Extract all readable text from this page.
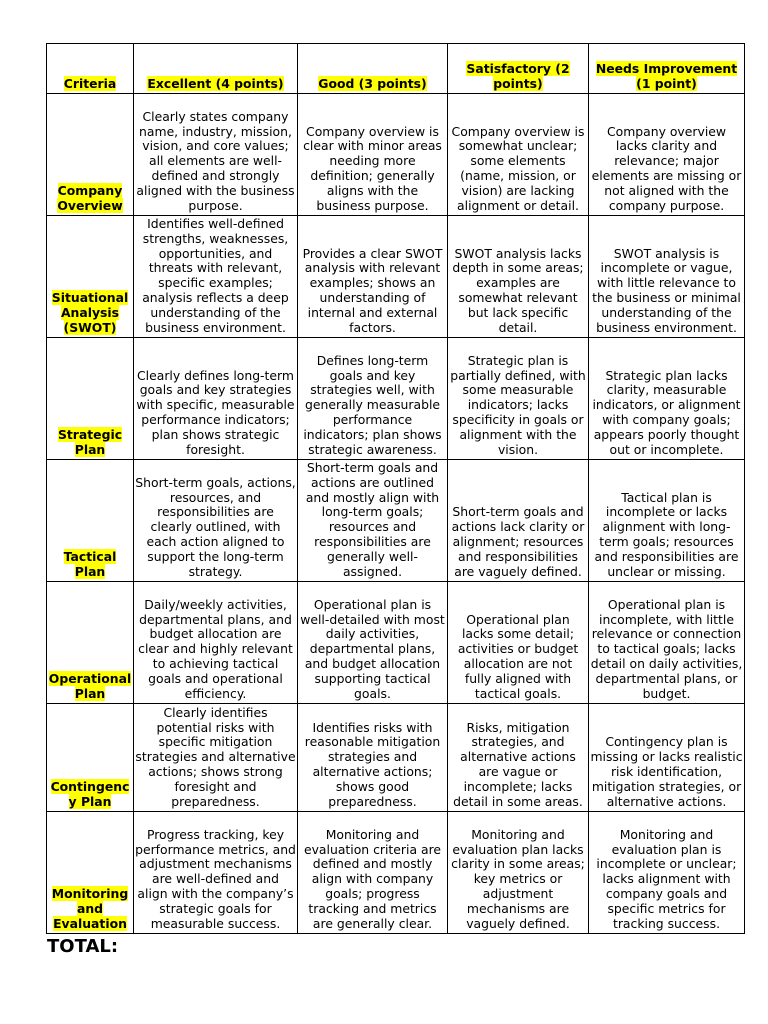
Criteria	Excellent (4 points)	Good (3 points)	Satisfactory (2 points)	Needs Improvement (1 point)
Company Overview	Clearly states company name, industry, mission, vision, and core values; all elements are well-defined and strongly aligned with the business purpose.	Company overview is clear with minor areas needing more definition; generally aligns with the business purpose.	Company overview is somewhat unclear; some elements (name, mission, or vision) are lacking alignment or detail.	Company overview lacks clarity and relevance; major elements are missing or not aligned with the company purpose.
Situational Analysis (SWOT)	Identifies well-defined strengths, weaknesses, opportunities, and threats with relevant, specific examples; analysis reflects a deep understanding of the business environment.	Provides a clear SWOT analysis with relevant examples; shows an understanding of internal and external factors.	SWOT analysis lacks depth in some areas; examples are somewhat relevant but lack specific detail.	SWOT analysis is incomplete or vague, with little relevance to the business or minimal understanding of the business environment.
Strategic Plan	Clearly defines long-term goals and key strategies with specific, measurable performance indicators; plan shows strategic foresight.	Defines long-term goals and key strategies well, with generally measurable performance indicators; plan shows strategic awareness.	Strategic plan is partially defined, with some measurable indicators; lacks specificity in goals or alignment with the vision.	Strategic plan lacks clarity, measurable indicators, or alignment with company goals; appears poorly thought out or incomplete.
Tactical Plan	Short-term goals, actions, resources, and responsibilities are clearly outlined, with each action aligned to support the long-term strategy.	Short-term goals and actions are outlined and mostly align with long-term goals; resources and responsibilities are generally well-assigned.	Short-term goals and actions lack clarity or alignment; resources and responsibilities are vaguely defined.	Tactical plan is incomplete or lacks alignment with long-term goals; resources and responsibilities are unclear or missing.
Operational Plan	Daily/weekly activities, departmental plans, and budget allocation are clear and highly relevant to achieving tactical goals and operational efficiency.	Operational plan is well-detailed with most daily activities, departmental plans, and budget allocation supporting tactical goals.	Operational plan lacks some detail; activities or budget allocation are not fully aligned with tactical goals.	Operational plan is incomplete, with little relevance or connection to tactical goals; lacks detail on daily activities, departmental plans, or budget.
Contingency Plan	Clearly identifies potential risks with specific mitigation strategies and alternative actions; shows strong foresight and preparedness.	Identifies risks with reasonable mitigation strategies and alternative actions; shows good preparedness.	Risks, mitigation strategies, and alternative actions are vague or incomplete; lacks detail in some areas.	Contingency plan is missing or lacks realistic risk identification, mitigation strategies, or alternative actions.
Monitoring and Evaluation	Progress tracking, key performance metrics, and adjustment mechanisms are well-defined and align with the company’s strategic goals for measurable success.	Monitoring and evaluation criteria are defined and mostly align with company goals; progress tracking and metrics are generally clear.	Monitoring and evaluation plan lacks clarity in some areas; key metrics or adjustment mechanisms are vaguely defined.	Monitoring and evaluation plan is incomplete or unclear; lacks alignment with company goals and specific metrics for tracking success.
TOTAL:
